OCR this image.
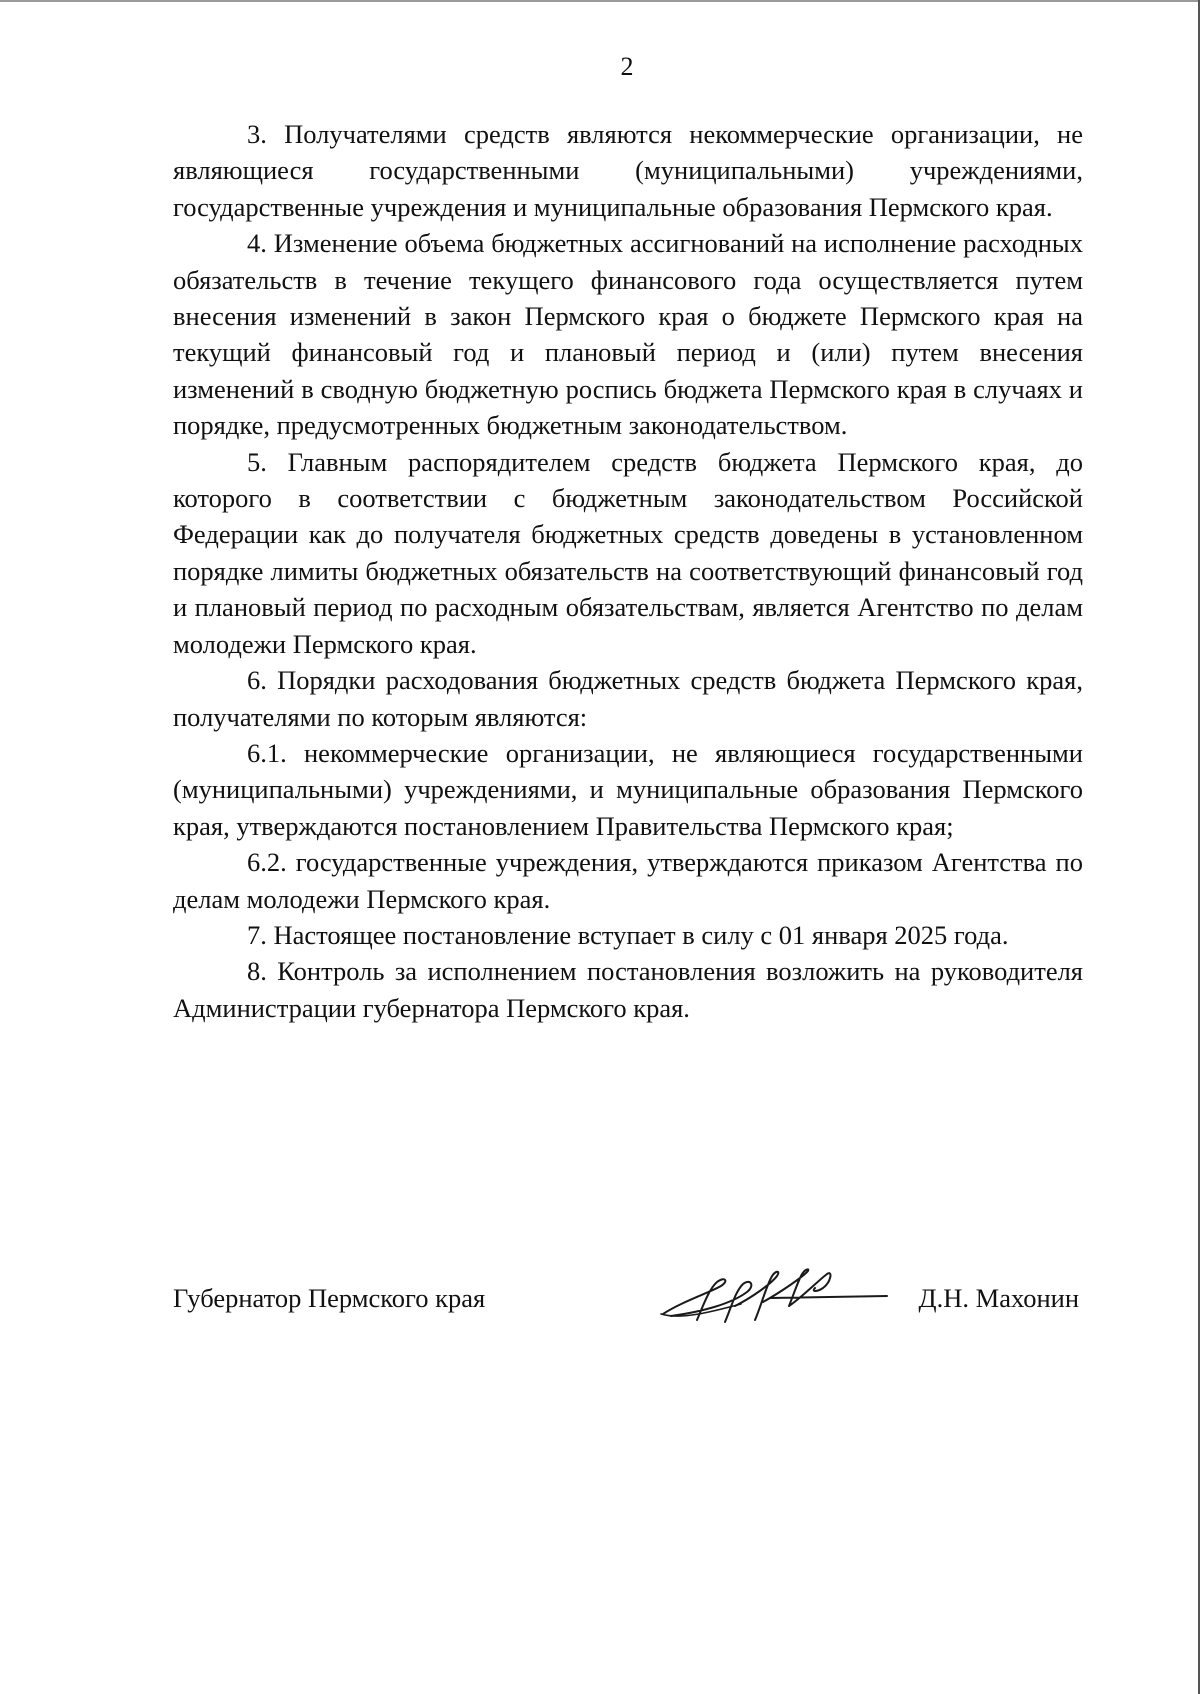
2

3. Получателями средств являются некоммерческие организации, не являющиеся государственными (муниципальными) учреждениями, государственные учреждения и муниципальные образования Пермского края.

4. Изменение объема бюджетных ассигнований на исполнение расходных обязательств в течение текущего финансового года осуществляется путем внесения изменений в закон Пермского края о бюджете Пермского края на текущий финансовый год и плановый период и (или) путем внесения изменений в сводную бюджетную роспись бюджета Пермского края в случаях и порядке, предусмотренных бюджетным законодательством.

5. Главным распорядителем средств бюджета Пермского края, до которого в соответствии с бюджетным законодательством Российской Федерации как до получателя бюджетных средств доведены в установленном порядке лимиты бюджетных обязательств на соответствующий финансовый год и плановый период по расходным обязательствам, является Агентство по делам молодежи Пермского края.

6. Порядки расходования бюджетных средств бюджета Пермского края, получателями по которым являются:

6.1. некоммерческие организации, не являющиеся государственными (муниципальными) учреждениями, и муниципальные образования Пермского края, утверждаются постановлением Правительства Пермского края;

6.2. государственные учреждения, утверждаются приказом Агентства по делам молодежи Пермского края.

7. Настоящее постановление вступает в силу с 01 января 2025 года.

8. Контроль за исполнением постановления возложить на руководителя Администрации губернатора Пермского края.

Губернатор Пермского края	Д.Н. Махонин
